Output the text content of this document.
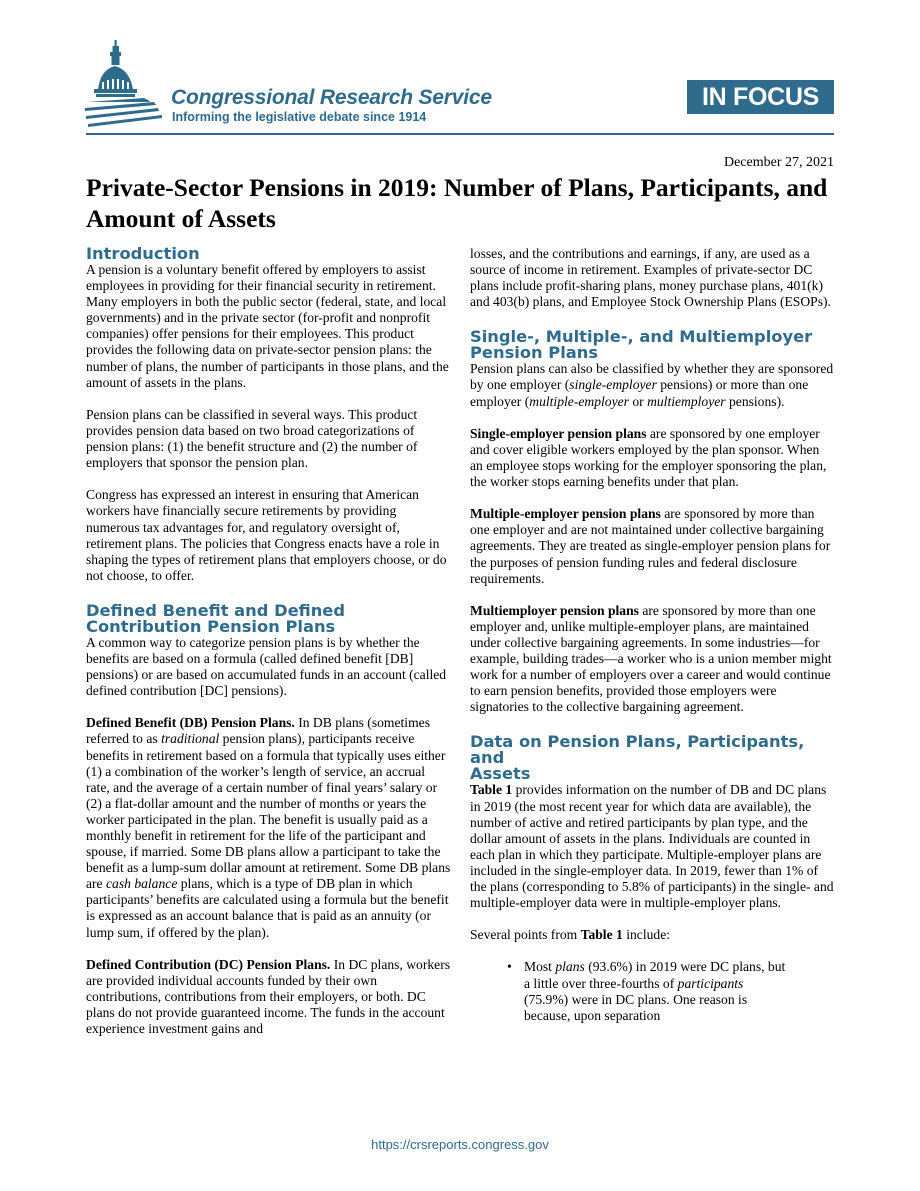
Congressional Research Service
Informing the legislative debate since 1914
IN FOCUS
December 27, 2021
Private-Sector Pensions in 2019: Number of Plans, Participants, and Amount of Assets
Introduction

A pension is a voluntary benefit offered by employers to assist employees in providing for their financial security in retirement. Many employers in both the public sector (federal, state, and local governments) and in the private sector (for-profit and nonprofit companies) offer pensions for their employees. This product provides the following data on private-sector pension plans: the number of plans, the number of participants in those plans, and the amount of assets in the plans.

Pension plans can be classified in several ways. This product provides pension data based on two broad categorizations of pension plans: (1) the benefit structure and (2) the number of employers that sponsor the pension plan.

Congress has expressed an interest in ensuring that American workers have financially secure retirements by providing numerous tax advantages for, and regulatory oversight of, retirement plans. The policies that Congress enacts have a role in shaping the types of retirement plans that employers choose, or do not choose, to offer.

Defined Benefit and Defined
Contribution Pension Plans

A common way to categorize pension plans is by whether the benefits are based on a formula (called defined benefit [DB] pensions) or are based on accumulated funds in an account (called defined contribution [DC] pensions).

Defined Benefit (DB) Pension Plans. In DB plans (sometimes referred to as traditional pension plans), participants receive benefits in retirement based on a formula that typically uses either (1) a combination of the worker’s length of service, an accrual rate, and the average of a certain number of final years’ salary or (2) a flat-dollar amount and the number of months or years the worker participated in the plan. The benefit is usually paid as a monthly benefit in retirement for the life of the participant and spouse, if married. Some DB plans allow a participant to take the benefit as a lump-sum dollar amount at retirement. Some DB plans are cash balance plans, which is a type of DB plan in which participants’ benefits are calculated using a formula but the benefit is expressed as an account balance that is paid as an annuity (or lump sum, if offered by the plan).

Defined Contribution (DC) Pension Plans. In DC plans, workers are provided individual accounts funded by their own contributions, contributions from their employers, or both. DC plans do not provide guaranteed income. The funds in the account experience investment gains and

losses, and the contributions and earnings, if any, are used as a source of income in retirement. Examples of private-sector DC plans include profit-sharing plans, money purchase plans, 401(k) and 403(b) plans, and Employee Stock Ownership Plans (ESOPs).

Single-, Multiple-, and Multiemployer
Pension Plans

Pension plans can also be classified by whether they are sponsored by one employer (single-employer pensions) or more than one employer (multiple-employer or multiemployer pensions).

Single-employer pension plans are sponsored by one employer and cover eligible workers employed by the plan sponsor. When an employee stops working for the employer sponsoring the plan, the worker stops earning benefits under that plan.

Multiple-employer pension plans are sponsored by more than one employer and are not maintained under collective bargaining agreements. They are treated as single-employer pension plans for the purposes of pension funding rules and federal disclosure requirements.

Multiemployer pension plans are sponsored by more than one employer and, unlike multiple-employer plans, are maintained under collective bargaining agreements. In some industries—for example, building trades—a worker who is a union member might work for a number of employers over a career and would continue to earn pension benefits, provided those employers were signatories to the collective bargaining agreement.

Data on Pension Plans, Participants, and
Assets

Table 1 provides information on the number of DB and DC plans in 2019 (the most recent year for which data are available), the number of active and retired participants by plan type, and the dollar amount of assets in the plans. Individuals are counted in each plan in which they participate. Multiple-employer plans are included in the single-employer data. In 2019, fewer than 1% of the plans (corresponding to 5.8% of participants) in the single- and multiple-employer data were in multiple-employer plans.

Several points from Table 1 include:

• Most plans (93.6%) in 2019 were DC plans, but a little over three-fourths of participants (75.9%) were in DC plans. One reason is because, upon separation
https://crsreports.congress.gov
